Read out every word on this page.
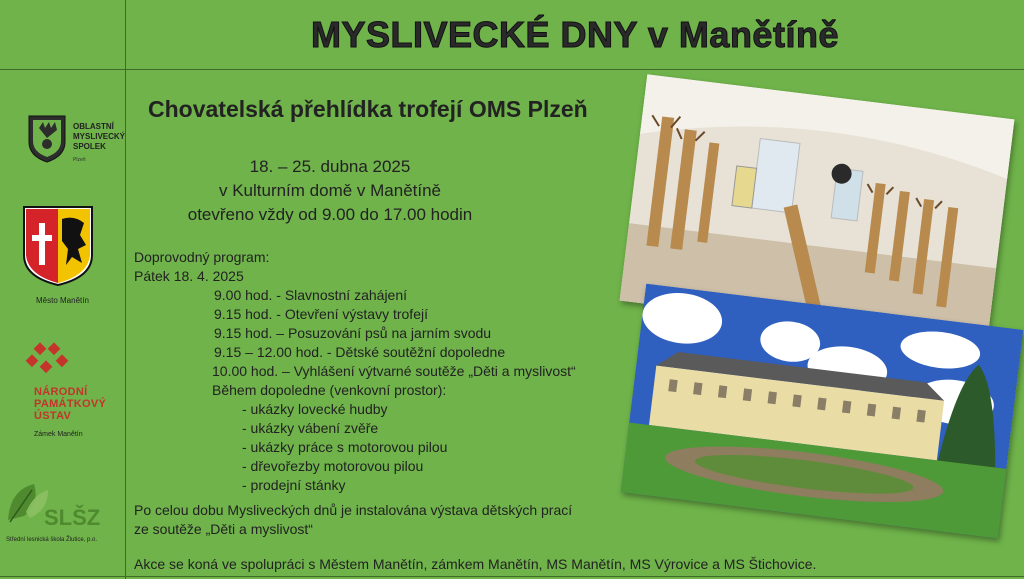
MYSLIVECKÉ DNY v Manětíně
OBLASTNÍ
MYSLIVECKÝ
SPOLEK
Plzeň
Město Manětín
NÁRODNÍ
PAMÁTKOVÝ
ÚSTAV
Zámek Manětín
SLŠZ
Střední lesnická škola Žlutice, p.o.
Chovatelská přehlídka trofejí OMS Plzeň
18. – 25. dubna 2025
v Kulturním domě v Manětíně
otevřeno vždy od 9.00 do 17.00 hodin
Doprovodný program:
Pátek 18. 4. 2025
9.00 hod. - Slavnostní zahájení
9.15 hod. - Otevření výstavy trofejí
9.15 hod. – Posuzování psů na jarním svodu
9.15 – 12.00 hod. - Dětské soutěžní dopoledne
10.00 hod. – Vyhlášení výtvarné soutěže „Děti a myslivost“
Během dopoledne (venkovní prostor):
- ukázky lovecké hudby
- ukázky vábení zvěře
- ukázky práce s motorovou pilou
- dřevořezby motorovou pilou
- prodejní stánky
Po celou dobu Mysliveckých dnů je instalována výstava dětských prací
ze soutěže „Děti a myslivost“
Akce se koná ve spolupráci s Městem Manětín, zámkem Manětín, MS Manětín, MS Výrovice a MS Štichovice.
